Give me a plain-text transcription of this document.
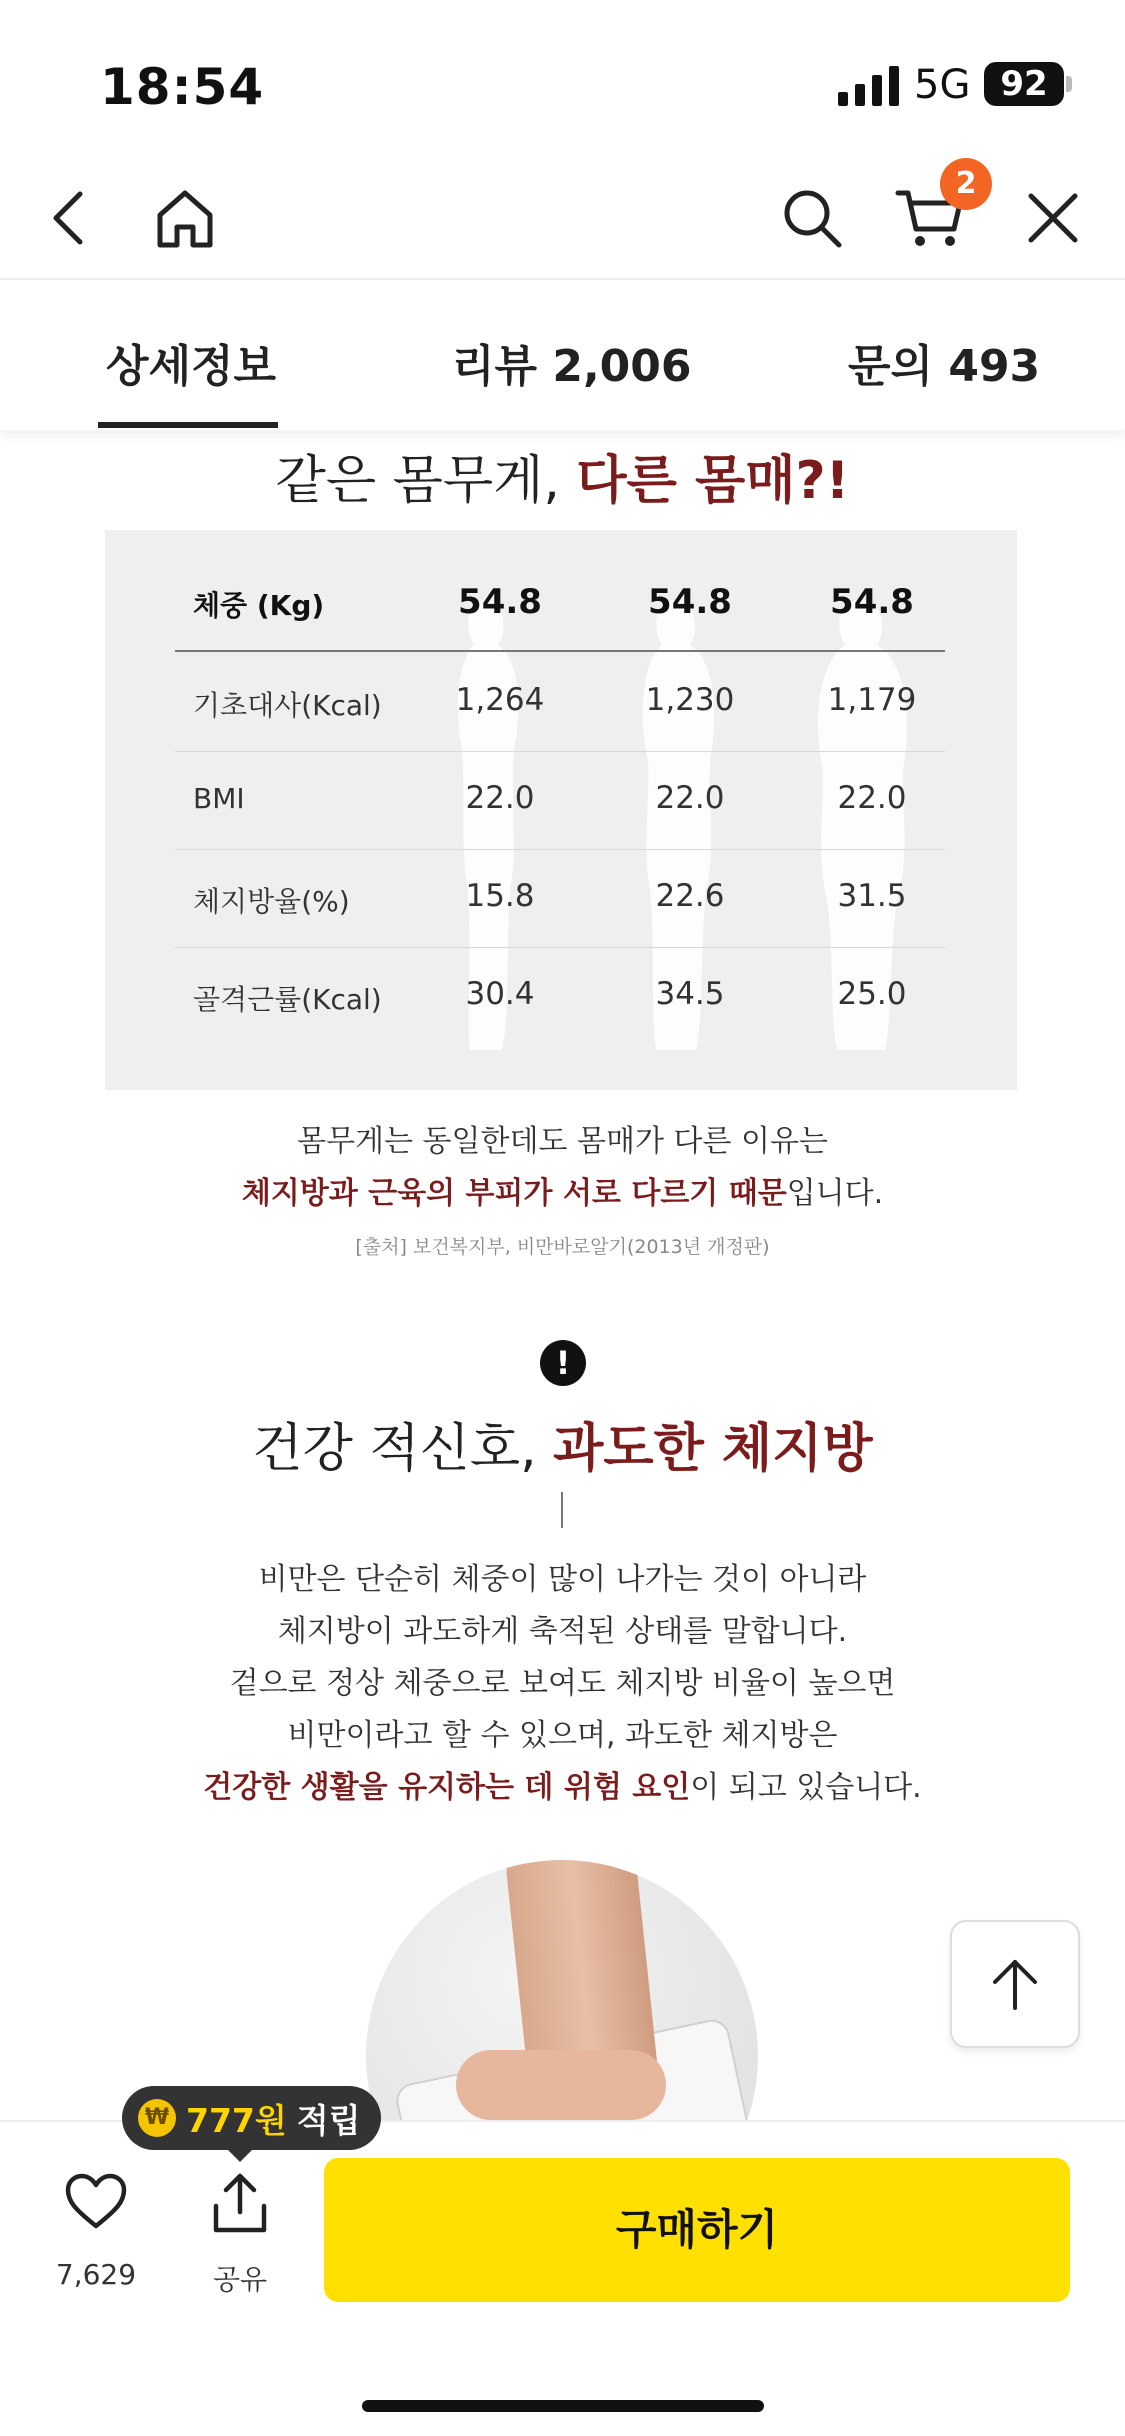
18:54	5G 92
2
상세정보	리뷰 2,006	문의 493
같은 몸무게, 다른 몸매?!
체중 (Kg)	54.8	54.8	54.8
기초대사(Kcal)	1,264	1,230	1,179
BMI	22.0	22.0	22.0
체지방율(%)	15.8	22.6	31.5
골격근률(Kcal)	30.4	34.5	25.0
몸무게는 동일한데도 몸매가 다른 이유는
체지방과 근육의 부피가 서로 다르기 때문입니다.
[출처] 보건복지부, 비만바로알기(2013년 개정판)
!
건강 적신호, 과도한 체지방
비만은 단순히 체중이 많이 나가는 것이 아니라
체지방이 과도하게 축적된 상태를 말합니다.
겉으로 정상 체중으로 보여도 체지방 비율이 높으면
비만이라고 할 수 있으며, 과도한 체지방은
건강한 생활을 유지하는 데 위험 요인이 되고 있습니다.
₩ 777원 적립
7,629	공유
구매하기
